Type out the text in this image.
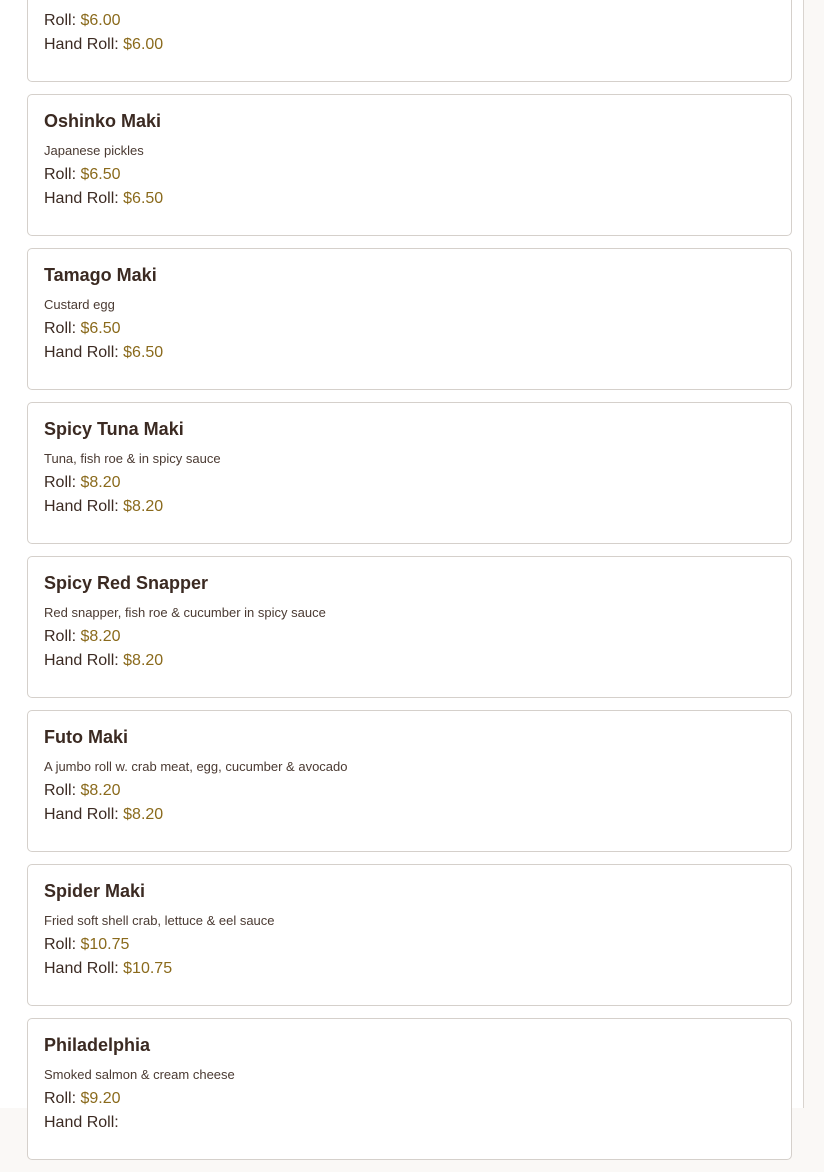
Roll: $6.00
Hand Roll: $6.00
Oshinko Maki
Japanese pickles
Roll: $6.50
Hand Roll: $6.50
Tamago Maki
Custard egg
Roll: $6.50
Hand Roll: $6.50
Spicy Tuna Maki
Tuna, fish roe & in spicy sauce
Roll: $8.20
Hand Roll: $8.20
Spicy Red Snapper
Red snapper, fish roe & cucumber in spicy sauce
Roll: $8.20
Hand Roll: $8.20
Futo Maki
A jumbo roll w. crab meat, egg, cucumber & avocado
Roll: $8.20
Hand Roll: $8.20
Spider Maki
Fried soft shell crab, lettuce & eel sauce
Roll: $10.75
Hand Roll: $10.75
Philadelphia
Smoked salmon & cream cheese
Roll: $9.20
Hand Roll:
